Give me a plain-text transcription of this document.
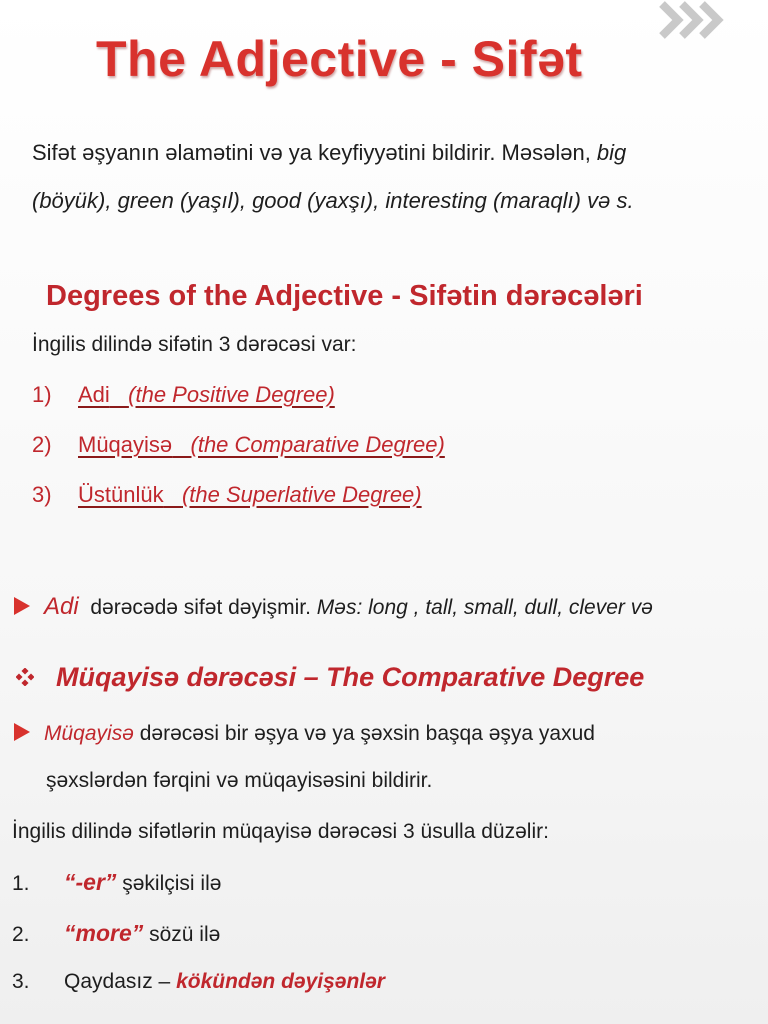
The Adjective - Sifət
Sifət əşyanın əlamətini və ya keyfiyyətini bildirir. Məsələn, big
(böyük), green (yaşıl), good (yaxşı), interesting (maraqlı) və s.
Degrees of the Adjective - Sifətin dərəcələri
İngilis dilində sifətin 3 dərəcəsi var:
1) Adi (the Positive Degree)
2) Müqayisə (the Comparative Degree)
3) Üstünlük (the Superlative Degree)
Adi dərəcədə sifət dəyişmir. Məs: long , tall, small, dull, clever və
Müqayisə dərəcəsi – The Comparative Degree
Müqayisə dərəcəsi bir əşya və ya şəxsin başqa əşya yaxud
şəxslərdən fərqini və müqayisəsini bildirir.
İngilis dilində sifətlərin müqayisə dərəcəsi 3 üsulla düzəlir:
1. “-er” şəkilçisi ilə
2. “more” sözü ilə
3. Qaydasız – kökündən dəyişənlər
